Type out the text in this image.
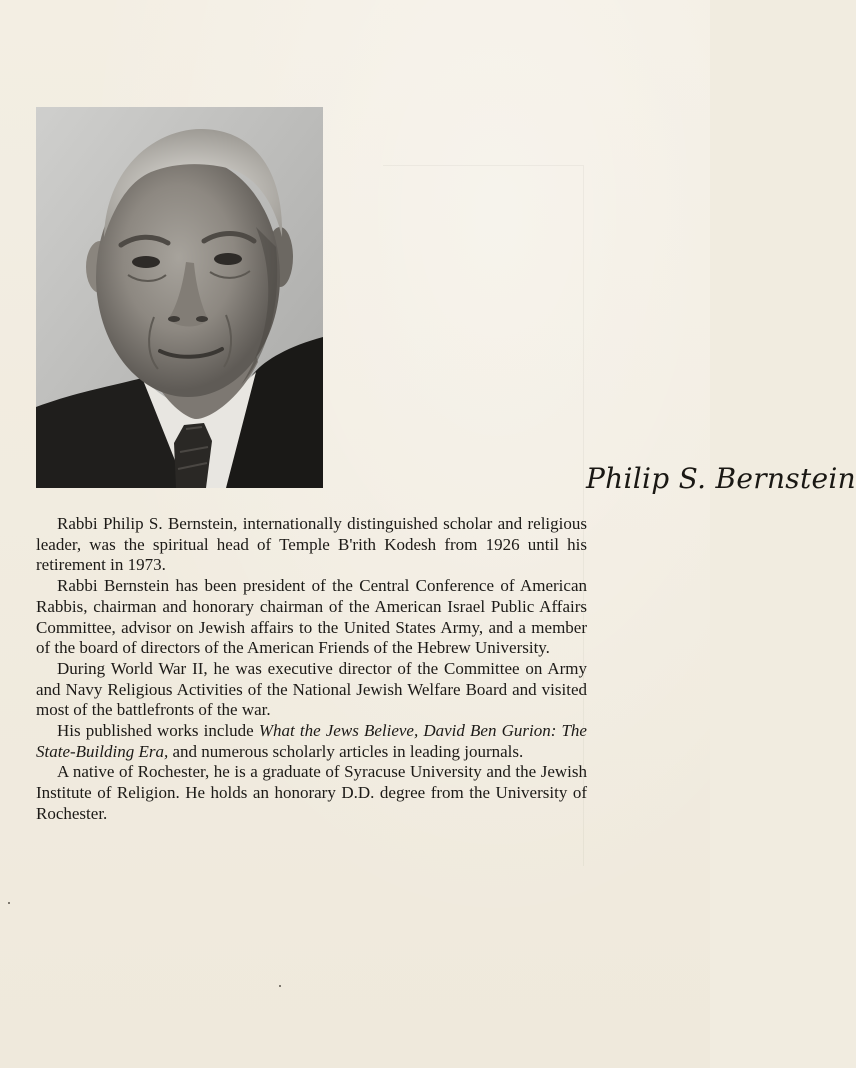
Philip S. Bernstein

Rabbi Philip S. Bernstein, internationally distinguished scholar and religious leader, was the spiritual head of Temple B'rith Kodesh from 1926 until his retirement in 1973.

Rabbi Bernstein has been president of the Central Conference of American Rabbis, chairman and honorary chairman of the American Israel Public Affairs Committee, advisor on Jewish affairs to the United States Army, and a member of the board of directors of the American Friends of the Hebrew University.

During World War II, he was executive director of the Committee on Army and Navy Religious Activities of the National Jewish Welfare Board and visited most of the battlefronts of the war.

His published works include What the Jews Believe, David Ben Gurion: The State-Building Era, and numerous scholarly articles in leading journals.

A native of Rochester, he is a graduate of Syracuse University and the Jewish Institute of Religion. He holds an honorary D.D. degree from the University of Rochester.
